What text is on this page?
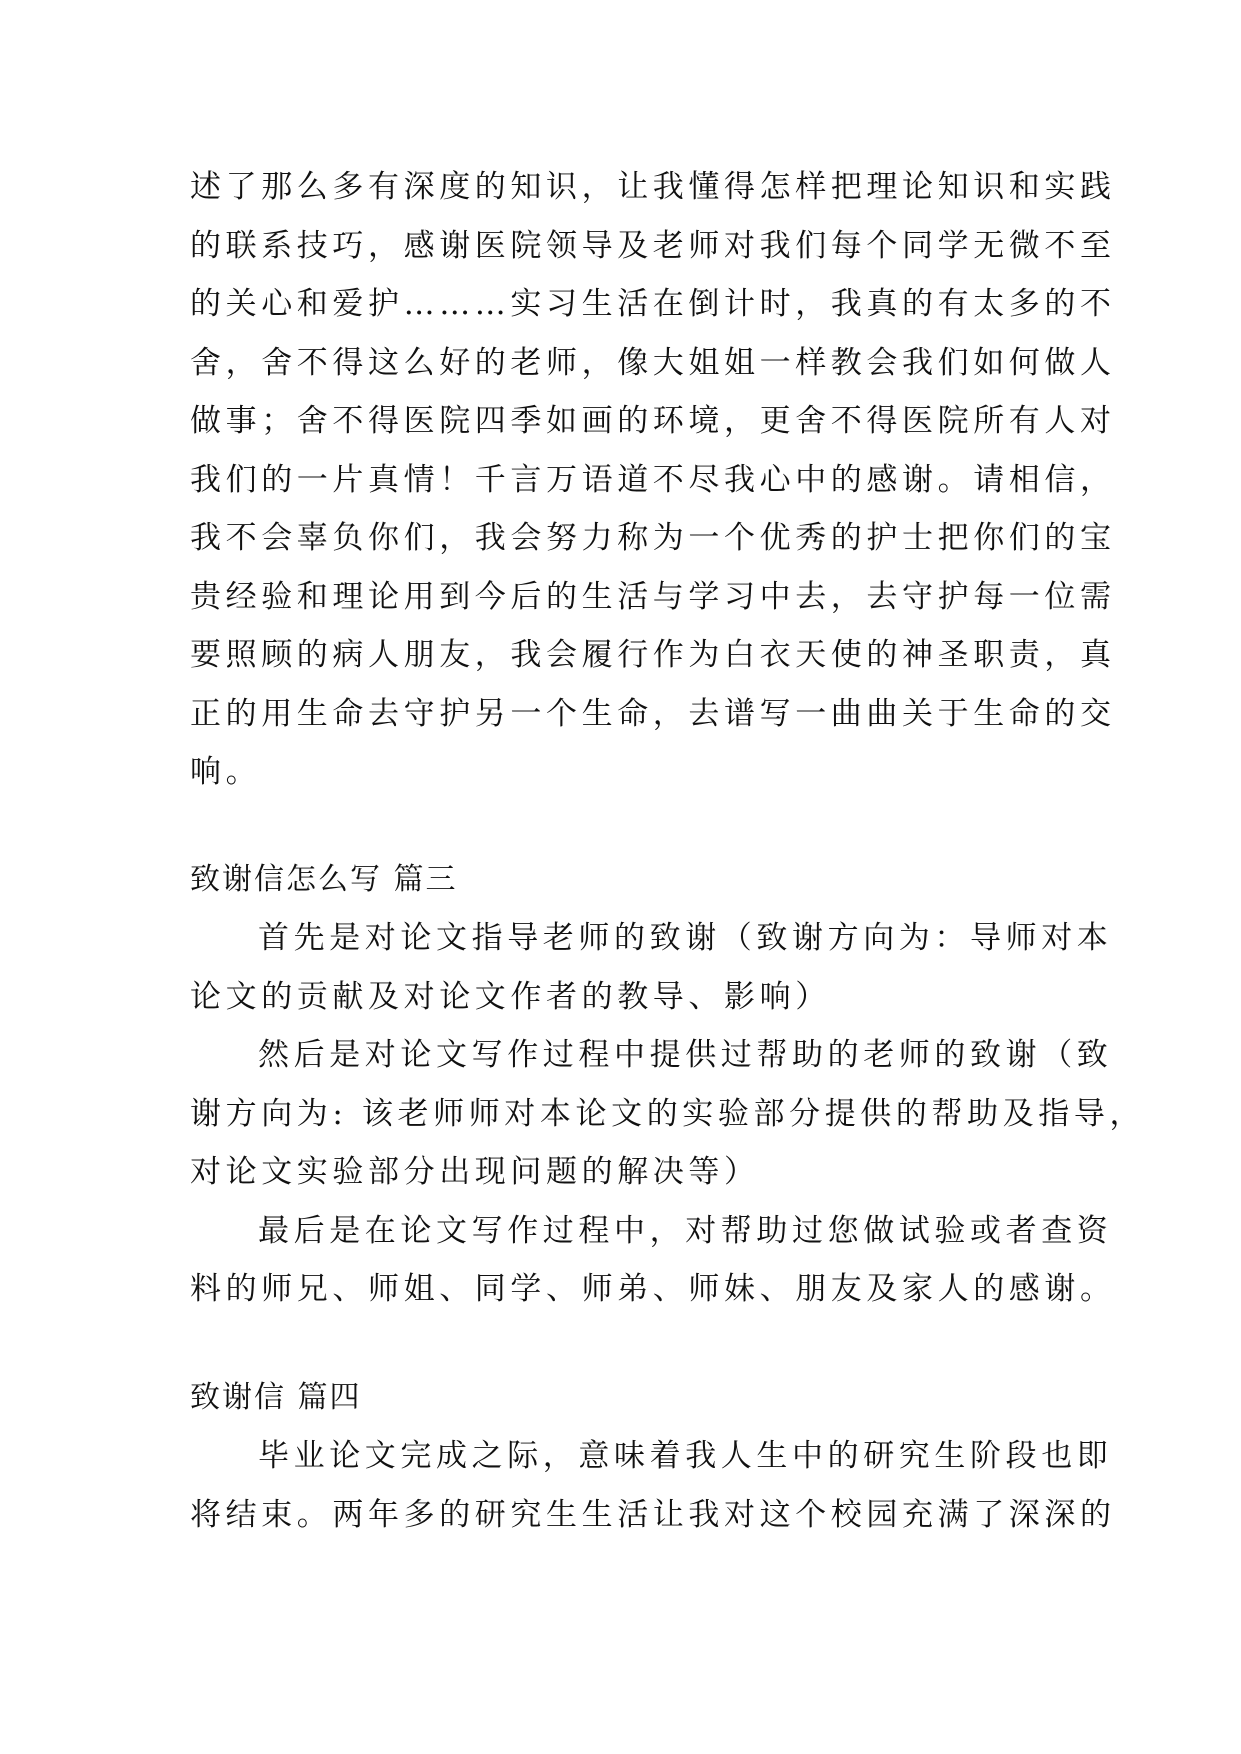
述了那么多有深度的知识，让我懂得怎样把理论知识和实践
的联系技巧，感谢医院领导及老师对我们每个同学无微不至
的关心和爱护………实习生活在倒计时，我真的有太多的不
舍，舍不得这么好的老师，像大姐姐一样教会我们如何做人
做事；舍不得医院四季如画的环境，更舍不得医院所有人对
我们的一片真情！千言万语道不尽我心中的感谢。请相信，
我不会辜负你们，我会努力称为一个优秀的护士把你们的宝
贵经验和理论用到今后的生活与学习中去，去守护每一位需
要照顾的病人朋友，我会履行作为白衣天使的神圣职责，真
正的用生命去守护另一个生命，去谱写一曲曲关于生命的交
响。
致谢信怎么写 篇三
首先是对论文指导老师的致谢（致谢方向为：导师对本
论文的贡献及对论文作者的教导、影响）
然后是对论文写作过程中提供过帮助的老师的致谢（致
谢方向为: 该老师师对本论文的实验部分提供的帮助及指导，
对论文实验部分出现问题的解决等）
最后是在论文写作过程中，对帮助过您做试验或者查资
料的师兄、师姐、同学、师弟、师妹、朋友及家人的感谢。
致谢信 篇四
毕业论文完成之际，意味着我人生中的研究生阶段也即
将结束。两年多的研究生生活让我对这个校园充满了深深的
